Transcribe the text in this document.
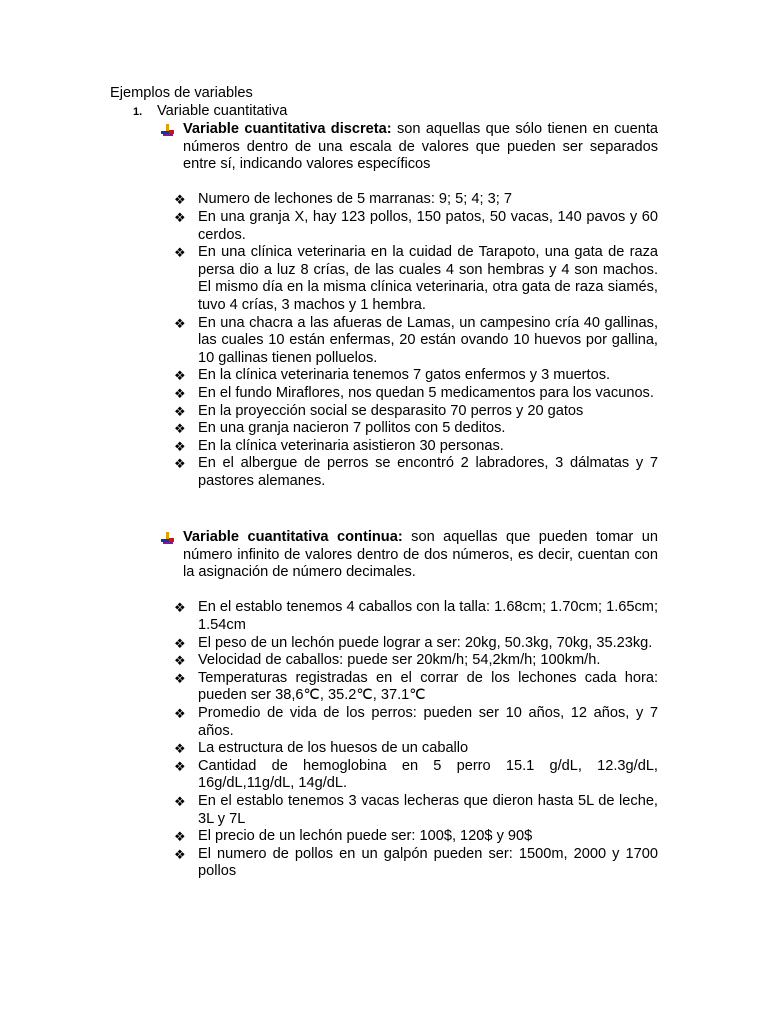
Ejemplos de variables
1. Variable cuantitativa
Variable cuantitativa discreta: son aquellas que sólo tienen en cuenta números dentro de una escala de valores que pueden ser separados entre sí, indicando valores específicos
❖ Numero de lechones de 5 marranas: 9; 5; 4; 3; 7
❖ En una granja X, hay 123 pollos, 150 patos, 50 vacas, 140 pavos y 60 cerdos.
❖ En una clínica veterinaria en la cuidad de Tarapoto, una gata de raza persa dio a luz 8 crías, de las cuales 4 son hembras y 4 son machos. El mismo día en la misma clínica veterinaria, otra gata de raza siamés, tuvo 4 crías, 3 machos y 1 hembra.
❖ En una chacra a las afueras de Lamas, un campesino cría 40 gallinas, las cuales 10 están enfermas, 20 están ovando 10 huevos por gallina, 10 gallinas tienen polluelos.
❖ En la clínica veterinaria tenemos 7 gatos enfermos y 3 muertos.
❖ En el fundo Miraflores, nos quedan 5 medicamentos para los vacunos.
❖ En la proyección social se desparasito 70 perros y 20 gatos
❖ En una granja nacieron 7 pollitos con 5 deditos.
❖ En la clínica veterinaria asistieron 30 personas.
❖ En el albergue de perros se encontró 2 labradores, 3 dálmatas y 7 pastores alemanes.
Variable cuantitativa continua: son aquellas que pueden tomar un número infinito de valores dentro de dos números, es decir, cuentan con la asignación de número decimales.
❖ En el establo tenemos 4 caballos con la talla: 1.68cm; 1.70cm; 1.65cm; 1.54cm
❖ El peso de un lechón puede lograr a ser: 20kg, 50.3kg, 70kg, 35.23kg.
❖ Velocidad de caballos: puede ser 20km/h; 54,2km/h; 100km/h.
❖ Temperaturas registradas en el corrar de los lechones cada hora: pueden ser 38,6℃, 35.2℃, 37.1℃
❖ Promedio de vida de los perros: pueden ser 10 años, 12 años, y 7 años.
❖ La estructura de los huesos de un caballo
❖ Cantidad de hemoglobina en 5 perro 15.1 g/dL, 12.3g/dL, 16g/dL,11g/dL, 14g/dL.
❖ En el establo tenemos 3 vacas lecheras que dieron hasta 5L de leche, 3L y 7L
❖ El precio de un lechón puede ser: 100$, 120$ y 90$
❖ El numero de pollos en un galpón pueden ser: 1500m, 2000 y 1700 pollos
